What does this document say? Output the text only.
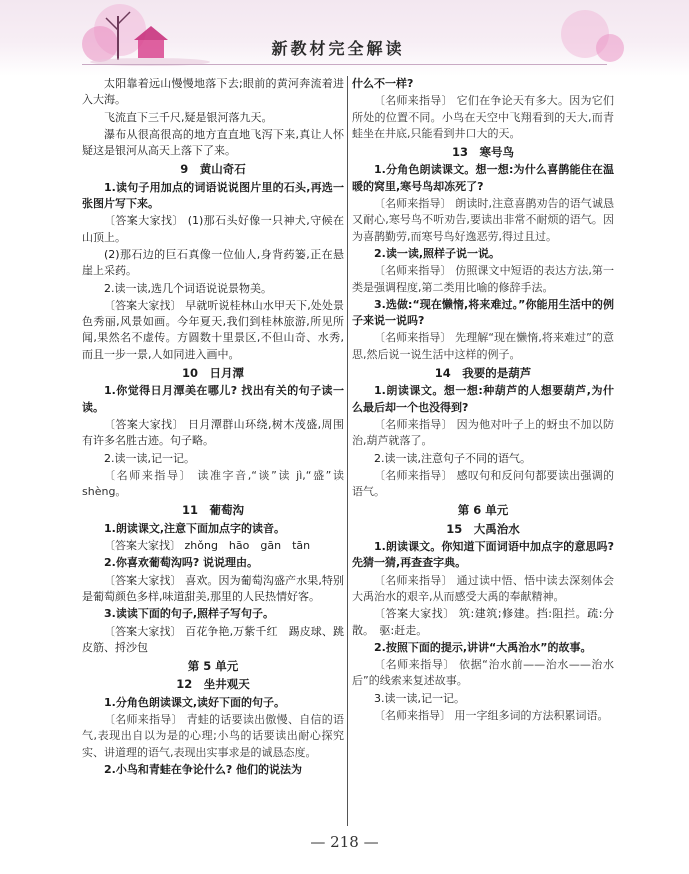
新教材完全解读
太阳靠着远山慢慢地落下去;眼前的黄河奔流着进入大海。
飞流直下三千尺,疑是银河落九天。
瀑布从很高很高的地方直直地飞泻下来,真让人怀疑这是银河从高天上落下了来。
9　黄山奇石
1.读句子用加点的词语说说图片里的石头,再选一张图片写下来。
〔答案大家找〕 (1)那石头好像一只神犬,守候在山顶上。
(2)那石边的巨石真像一位仙人,身背药篓,正在悬崖上采药。
2.读一读,选几个词语说说景物美。
〔答案大家找〕 早就听说桂林山水甲天下,处处景色秀丽,风景如画。今年夏天,我们到桂林旅游,所见所闻,果然名不虚传。方圆数十里景区,不但山奇、水秀,而且一步一景,人如同进入画中。
10　日月潭
1.你觉得日月潭美在哪儿? 找出有关的句子读一读。
〔答案大家找〕 日月潭群山环绕,树木茂盛,周围有许多名胜古迹。句子略。
2.读一读,记一记。
〔名师来指导〕 读准字音,“谈”读 jì,“盛”读 shèng。
11　葡萄沟
1.朗读课文,注意下面加点字的读音。
〔答案大家找〕 zhǒng　hāo　gān　tān
2.你喜欢葡萄沟吗? 说说理由。
〔答案大家找〕 喜欢。因为葡萄沟盛产水果,特别是葡萄颜色多样,味道甜美,那里的人民热情好客。
3.读读下面的句子,照样子写句子。
〔答案大家找〕 百花争艳,万紫千红　踢皮球、跳皮筋、捋沙包
第 5 单元
12　坐井观天
1.分角色朗读课文,读好下面的句子。
〔名师来指导〕 青蛙的话要读出傲慢、自信的语气,表现出自以为是的心理;小鸟的话要读出耐心探究实、讲道理的语气,表现出实事求是的诚恳态度。
2.小鸟和青蛙在争论什么? 他们的说法为
什么不一样?
〔名师来指导〕 它们在争论天有多大。因为它们所处的位置不同。小鸟在天空中飞翔看到的天大,而青蛙坐在井底,只能看到井口大的天。
13　寒号鸟
1.分角色朗读课文。想一想:为什么喜鹊能住在温暖的窝里,寒号鸟却冻死了?
〔名师来指导〕 朗读时,注意喜鹊劝告的语气诚恳又耐心,寒号鸟不听劝告,要读出非常不耐烦的语气。因为喜鹊勤劳,而寒号鸟好逸恶劳,得过且过。
2.读一读,照样子说一说。
〔名师来指导〕 仿照课文中短语的表达方法,第一类是强调程度,第二类用比喻的修辞手法。
3.选做:“现在懒惰,将来难过。”你能用生活中的例子来说一说吗?
〔名师来指导〕 先理解“现在懒惰,将来难过”的意思,然后说一说生活中这样的例子。
14　我要的是葫芦
1.朗读课文。想一想:种葫芦的人想要葫芦,为什么最后却一个也没得到?
〔名师来指导〕 因为他对叶子上的蚜虫不加以防治,葫芦就落了。
2.读一读,注意句子不同的语气。
〔名师来指导〕 感叹句和反问句都要读出强调的语气。
第 6 单元
15　大禹治水
1.朗读课文。你知道下面词语中加点字的意思吗? 先猜一猜,再查查字典。
〔名师来指导〕 通过读中悟、悟中读去深刻体会大禹治水的艰辛,从而感受大禹的奉献精神。
〔答案大家找〕 筑:建筑;修建。挡:阻拦。疏:分散。　驱:赶走。
2.按照下面的提示,讲讲“大禹治水”的故事。
〔名师来指导〕 依据“治水前——治水——治水后”的线索来复述故事。
3.读一读,记一记。
〔名师来指导〕 用一字组多词的方法积累词语。
— 218 —
